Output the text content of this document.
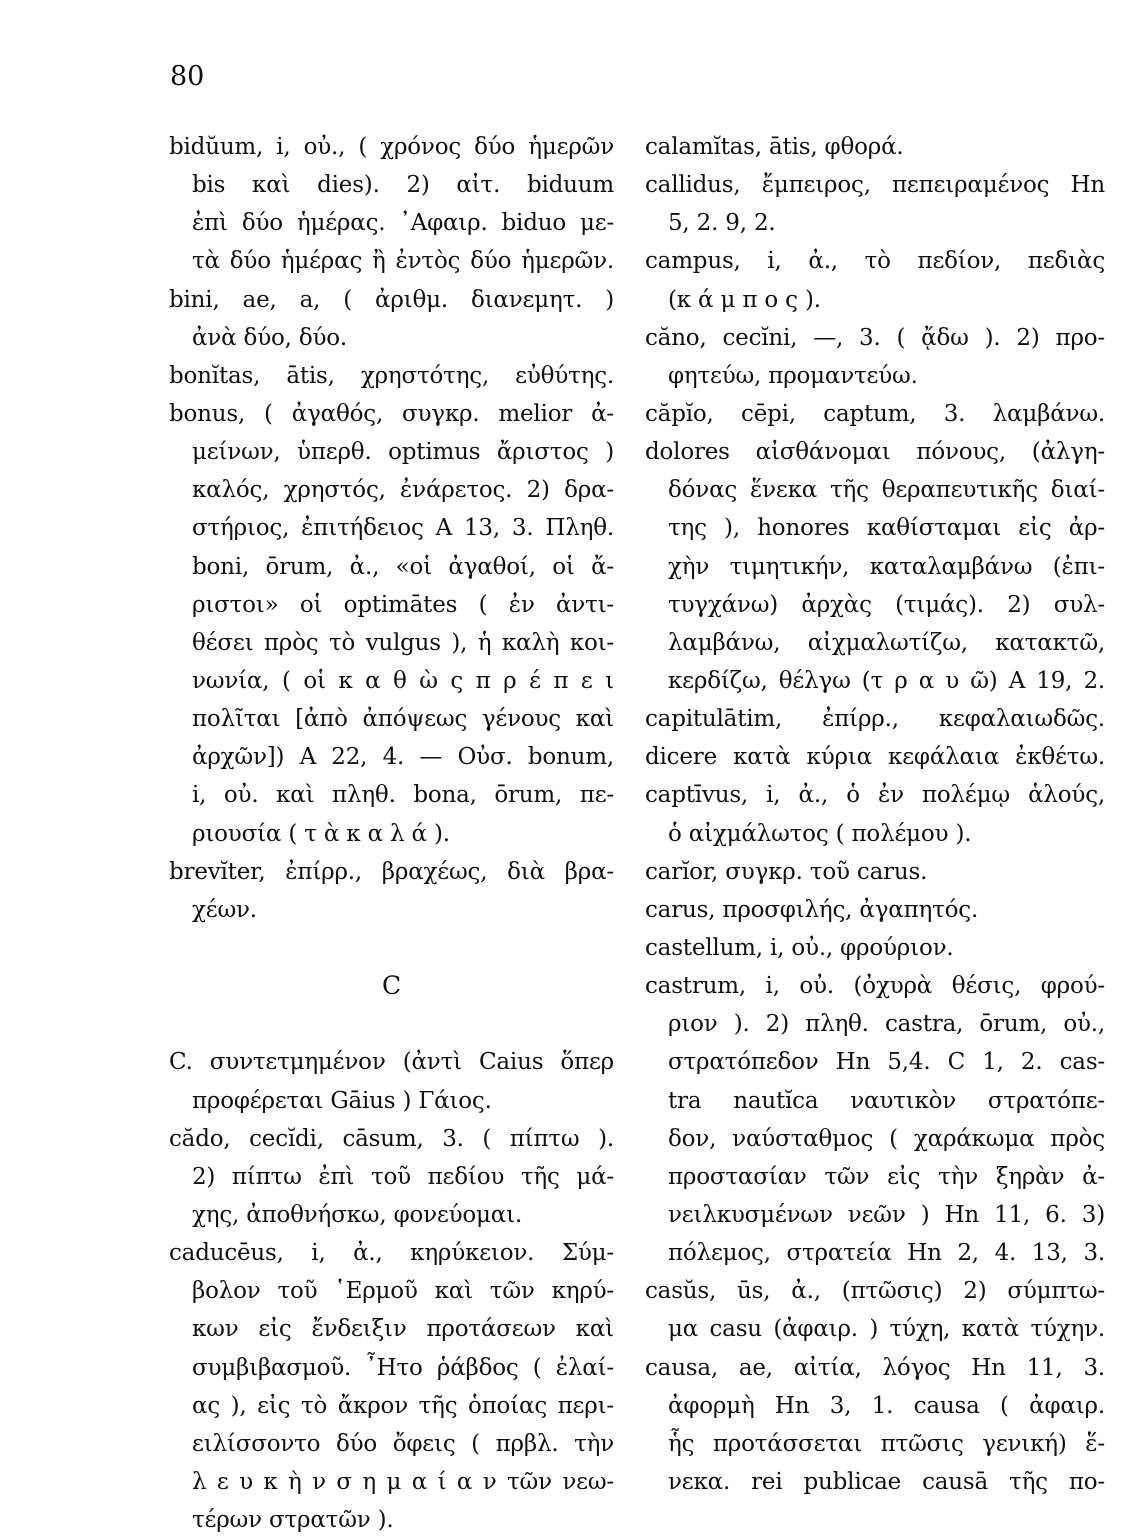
80
bidŭum, i, οὐ., ( χρόνος δύο ἡμερῶν
bis καὶ dies). 2) αἰτ. biduum
ἐπὶ δύο ἡμέρας. ᾿Αφαιρ. biduo με-
τὰ δύο ἡμέρας ἢ ἐντὸς δύο ἡμερῶν.
bini, ae, a, ( ἀριθμ. διανεμητ. )
ἀνὰ δύο, δύο.
bonĭtas, ātis, χρηστότης, εὐθύτης.
bonus, ( ἀγαθός, συγκρ. melior ἀ-
μείνων, ὑπερθ. optimus ἄριστος )
καλός, χρηστός, ἐνάρετος. 2) δρα-
στήριος, ἐπιτήδειος Α 13, 3. Πληθ.
boni, ōrum, ἀ., «οἱ ἀγαθοί, οἱ ἄ-
ριστοι» οἱ optimātes ( ἐν ἀντι-
θέσει πρὸς τὸ vulgus ), ἡ καλὴ κοι-
νωνία, ( οἱ κ α θ ὼ ς π ρ έ π ε ι
πολῖται [ἀπὸ ἀπόψεως γένους καὶ
ἀρχῶν]) Α 22, 4. — Οὐσ. bonum,
i, οὐ. καὶ πληθ. bona, ōrum, πε-
ριουσία ( τ ὰ κ α λ ά ).
brevĭter, ἐπίρρ., βραχέως, διὰ βρα-
χέων.
C
C. συντετμημένον (ἀντὶ Caius ὅπερ
προφέρεται Gāius ) Γάιος.
cădo, cecĭdi, cāsum, 3. ( πίπτω ).
2) πίπτω ἐπὶ τοῦ πεδίου τῆς μά-
χης, ἀποθνήσκω, φονεύομαι.
caducēus, i, ἀ., κηρύκειον. Σύμ-
βολον τοῦ ῾Ερμοῦ καὶ τῶν κηρύ-
κων εἰς ἔνδειξιν προτάσεων καὶ
συμβιβασμοῦ. ῏Ητο ῥάβδος ( ἐλαί-
ας ), εἰς τὸ ἄκρον τῆς ὁποίας περι-
ειλίσσοντο δύο ὄφεις ( πρβλ. τὴν
λ ε υ κ ὴ ν σ η μ α ί α ν τῶν νεω-
τέρων στρατῶν ).
calamĭtas, ātis, φθορά.
callidus, ἔμπειρος, πεπειραμένος Ηn
5, 2. 9, 2.
campus, i, ἀ., τὸ πεδίον, πεδιὰς
(κ ά μ π ο ς ).
căno, cecĭni, —, 3. ( ᾄδω ). 2) προ-
φητεύω, προμαντεύω.
căpĭo, cēpi, captum, 3. λαμβάνω.
dolores αἰσθάνομαι πόνους, (ἀλγη-
δόνας ἕνεκα τῆς θεραπευτικῆς διαί-
της ), honores καθίσταμαι εἰς ἀρ-
χὴν τιμητικήν, καταλαμβάνω (ἐπι-
τυγχάνω) ἀρχὰς (τιμάς). 2) συλ-
λαμβάνω, αἰχμαλωτίζω, κατακτῶ,
κερδίζω, θέλγω (τ ρ α υ ῶ) Α 19, 2.
capitulātim, ἐπίρρ., κεφαλαιωδῶς.
dicere κατὰ κύρια κεφάλαια ἐκθέτω.
captīvus, i, ἀ., ὁ ἐν πολέμῳ ἁλούς,
ὁ αἰχμάλωτος ( πολέμου ).
carĭor, συγκρ. τοῦ carus.
carus, προσφιλής, ἀγαπητός.
castellum, i, οὐ., φρούριον.
castrum, i, οὐ. (ὀχυρὰ θέσις, φρού-
ριον ). 2) πληθ. castra, ōrum, οὐ.,
στρατόπεδον Ηn 5,4. C 1, 2. cas-
tra nautĭca ναυτικὸν στρατόπε-
δον, ναύσταθμος ( χαράκωμα πρὸς
προστασίαν τῶν εἰς τὴν ξηρὰν ἀ-
νειλκυσμένων νεῶν ) Ηn 11, 6. 3)
πόλεμος, στρατεία Ηn 2, 4. 13, 3.
casŭs, ūs, ἀ., (πτῶσις) 2) σύμπτω-
μα casu (ἀφαιρ. ) τύχη, κατὰ τύχην.
causa, ae, αἰτία, λόγος Ηn 11, 3.
ἀφορμὴ Ηn 3, 1. causa ( ἀφαιρ.
ἧς προτάσσεται πτῶσις γενική) ἕ-
νεκα. rei publicae causā τῆς πο-
